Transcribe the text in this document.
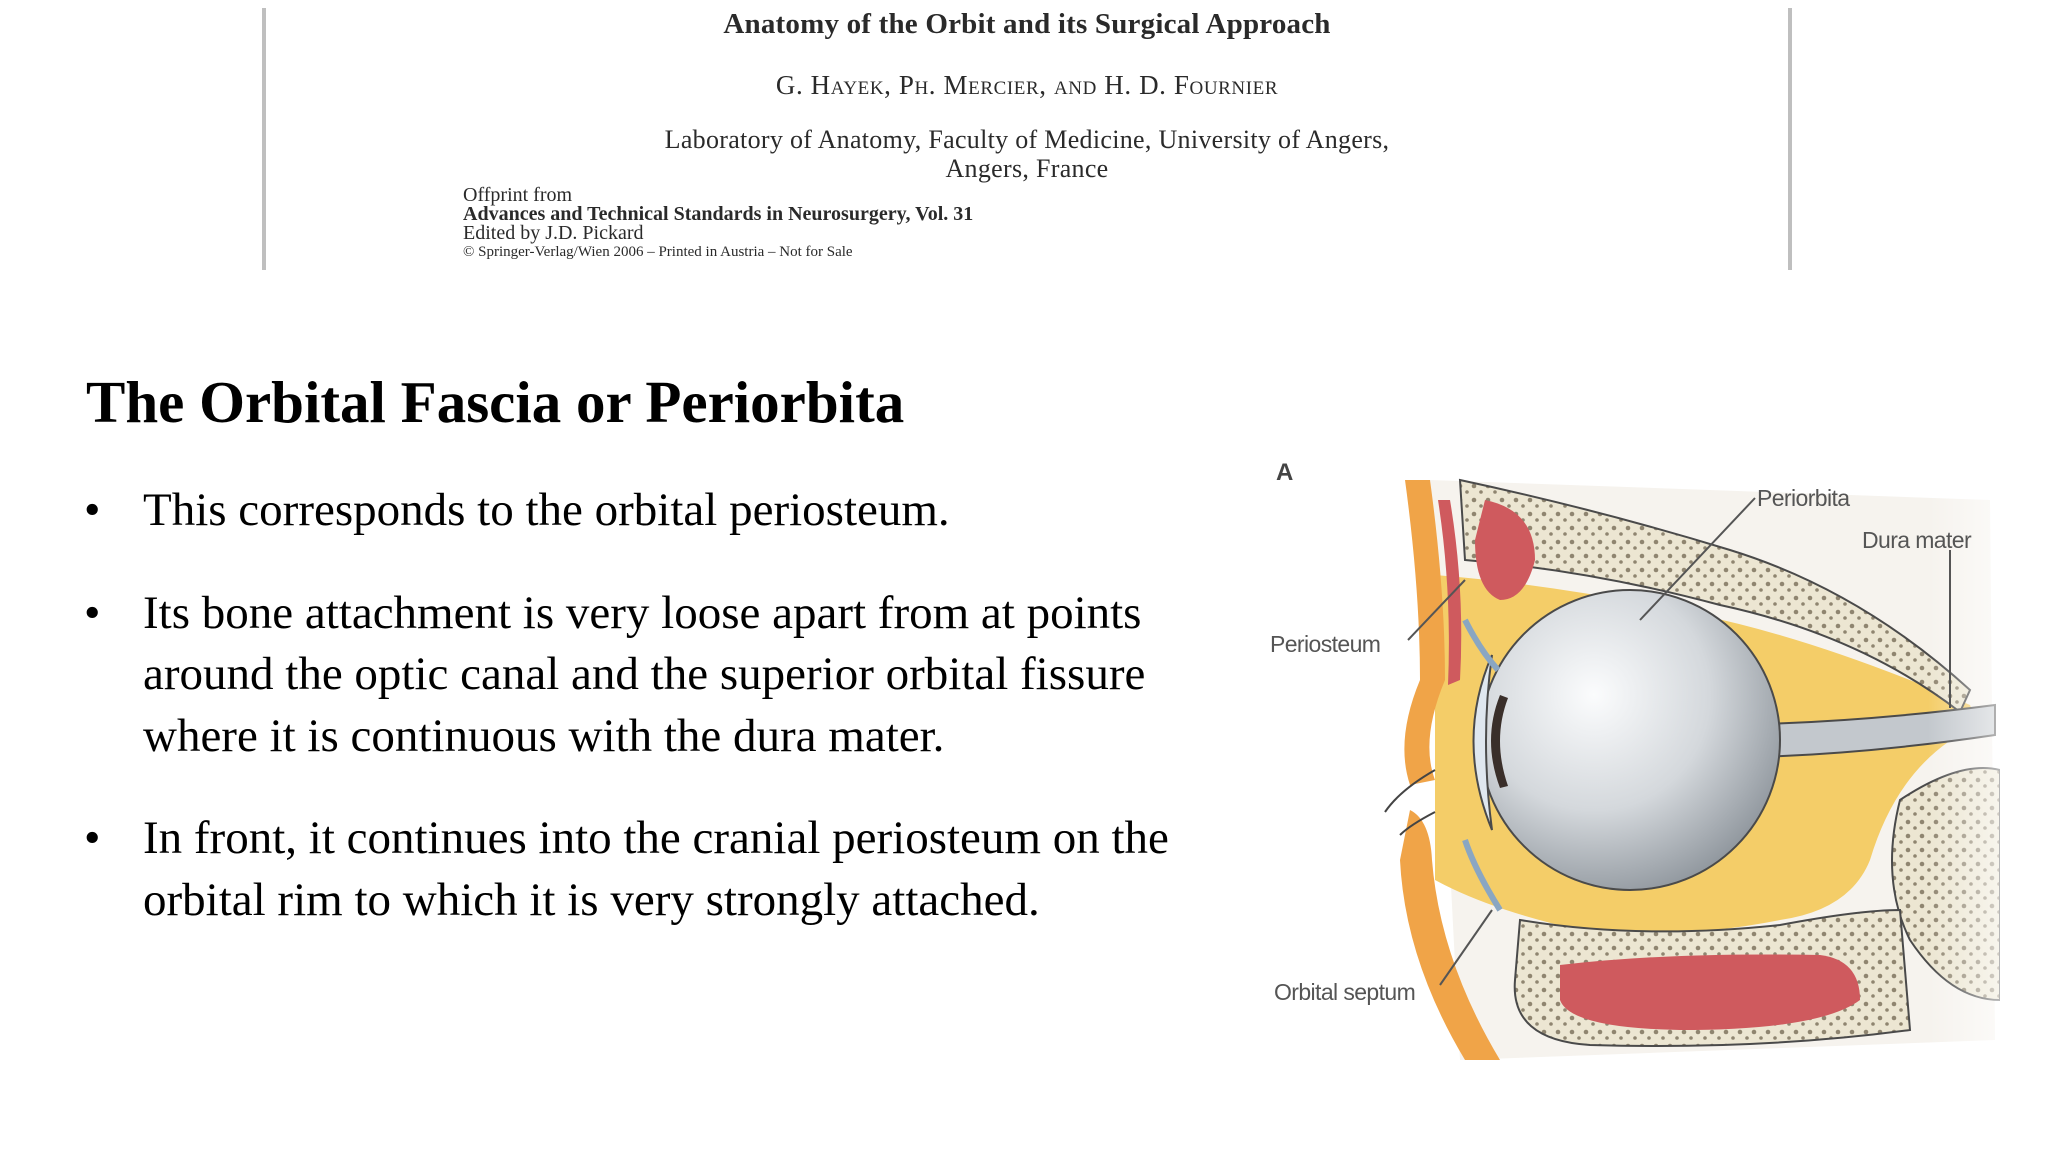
Anatomy of the Orbit and its Surgical Approach
G. Hayek, Ph. Mercier, and H. D. Fournier
Laboratory of Anatomy, Faculty of Medicine, University of Angers,
Angers, France
Offprint from
Advances and Technical Standards in Neurosurgery, Vol. 31
Edited by J.D. Pickard
© Springer-Verlag/Wien 2006 – Printed in Austria – Not for Sale
The Orbital Fascia or Periorbita
• This corresponds to the orbital periosteum.
• Its bone attachment is very loose apart from at points around the optic canal and the superior orbital fissure where it is continuous with the dura mater.
• In front, it continues into the cranial periosteum on the orbital rim to which it is very strongly attached.
A
Periorbita
Dura mater
Periosteum
Orbital septum
